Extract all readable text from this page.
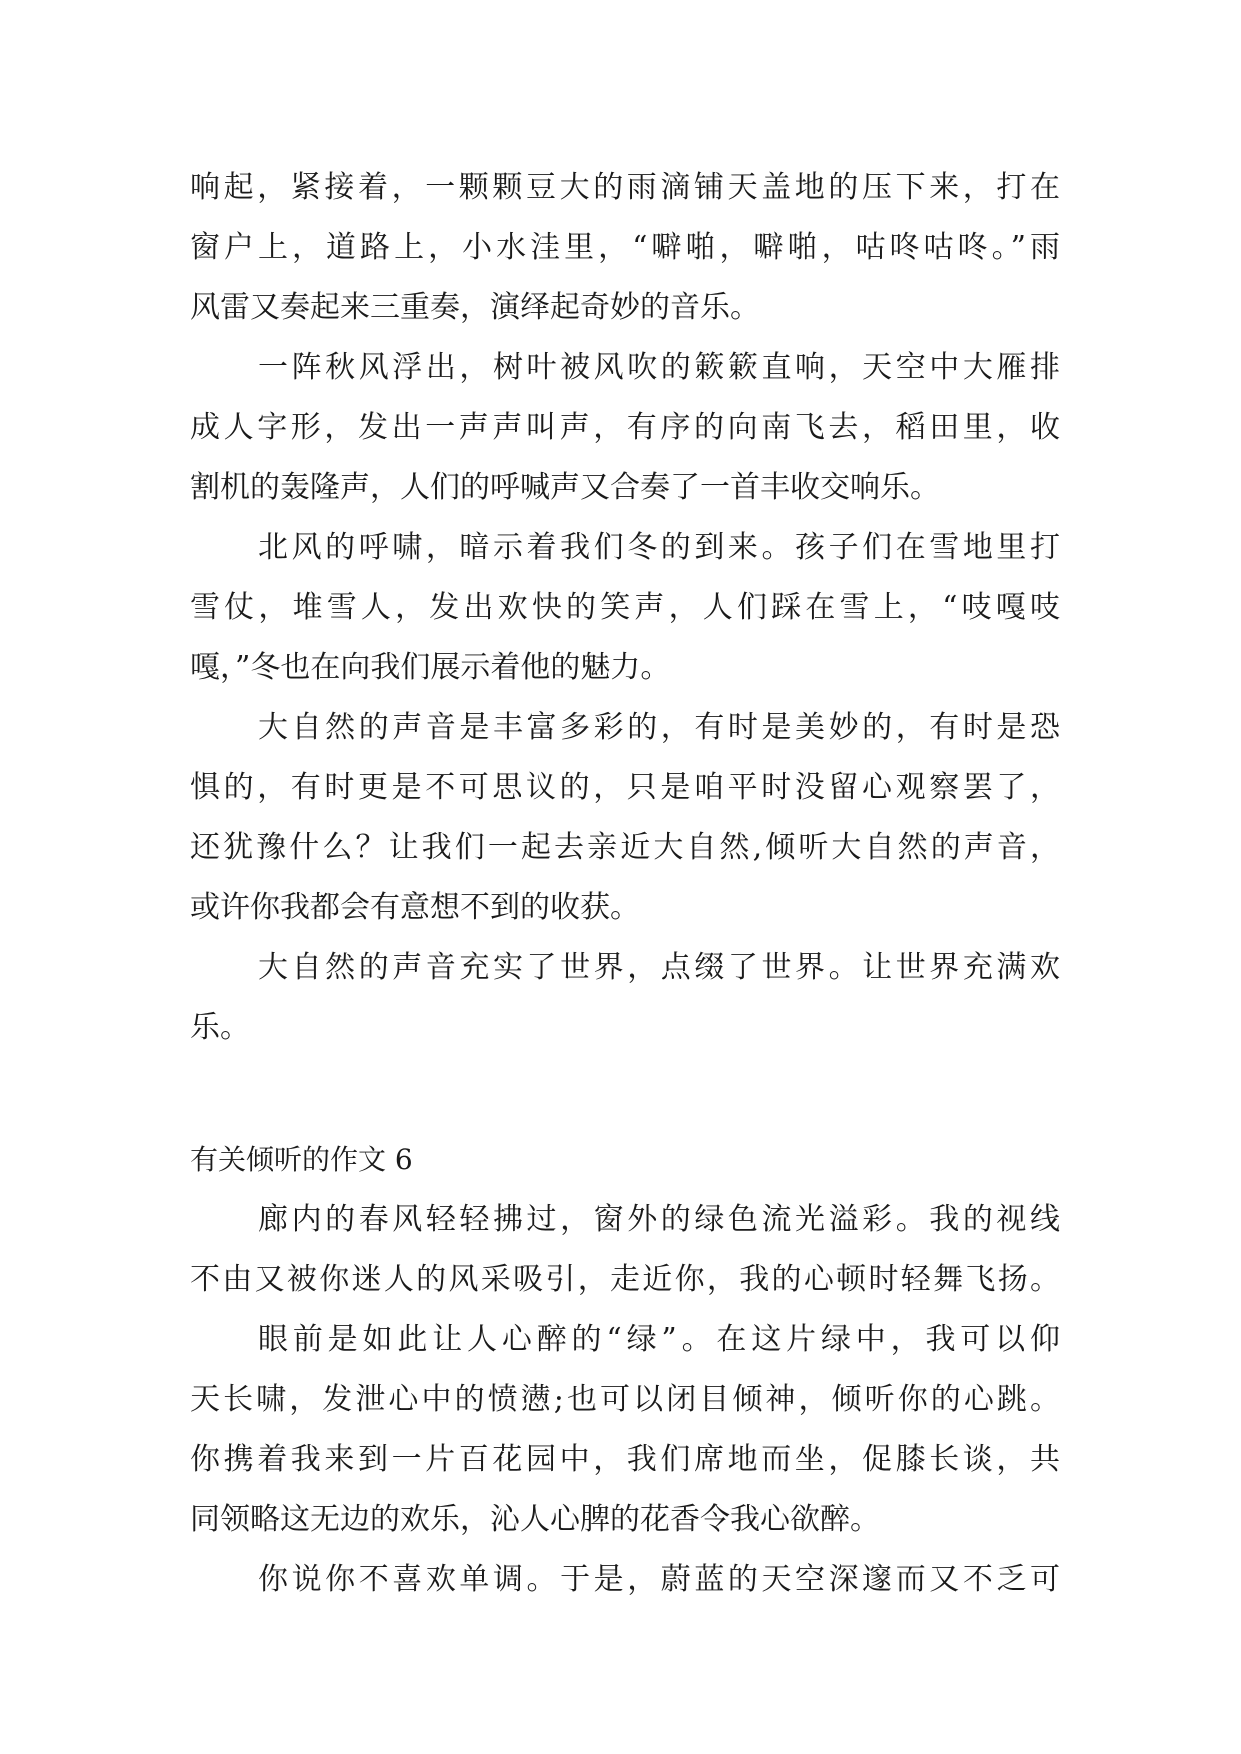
响起，紧接着，一颗颗豆大的雨滴铺天盖地的压下来，打在
窗户上，道路上，小水洼里，“噼啪，噼啪，咕咚咕咚。”雨
风雷又奏起来三重奏，演绎起奇妙的音乐。
一阵秋风浮出，树叶被风吹的簌簌直响，天空中大雁排
成人字形，发出一声声叫声，有序的向南飞去，稻田里，收
割机的轰隆声，人们的呼喊声又合奏了一首丰收交响乐。
北风的呼啸，暗示着我们冬的到来。孩子们在雪地里打
雪仗，堆雪人，发出欢快的笑声，人们踩在雪上，“吱嘎吱
嘎，”冬也在向我们展示着他的魅力。
大自然的声音是丰富多彩的，有时是美妙的，有时是恐
惧的，有时更是不可思议的，只是咱平时没留心观察罢了，
还犹豫什么？让我们一起去亲近大自然,倾听大自然的声音，
或许你我都会有意想不到的收获。
大自然的声音充实了世界，点缀了世界。让世界充满欢
乐。
有关倾听的作文 6
廊内的春风轻轻拂过，窗外的绿色流光溢彩。我的视线
不由又被你迷人的风采吸引，走近你，我的心顿时轻舞飞扬。
眼前是如此让人心醉的“绿”。在这片绿中，我可以仰
天长啸，发泄心中的愤懑;也可以闭目倾神，倾听你的心跳。
你携着我来到一片百花园中，我们席地而坐，促膝长谈，共
同领略这无边的欢乐，沁人心脾的花香令我心欲醉。
你说你不喜欢单调。于是，蔚蓝的天空深邃而又不乏可
